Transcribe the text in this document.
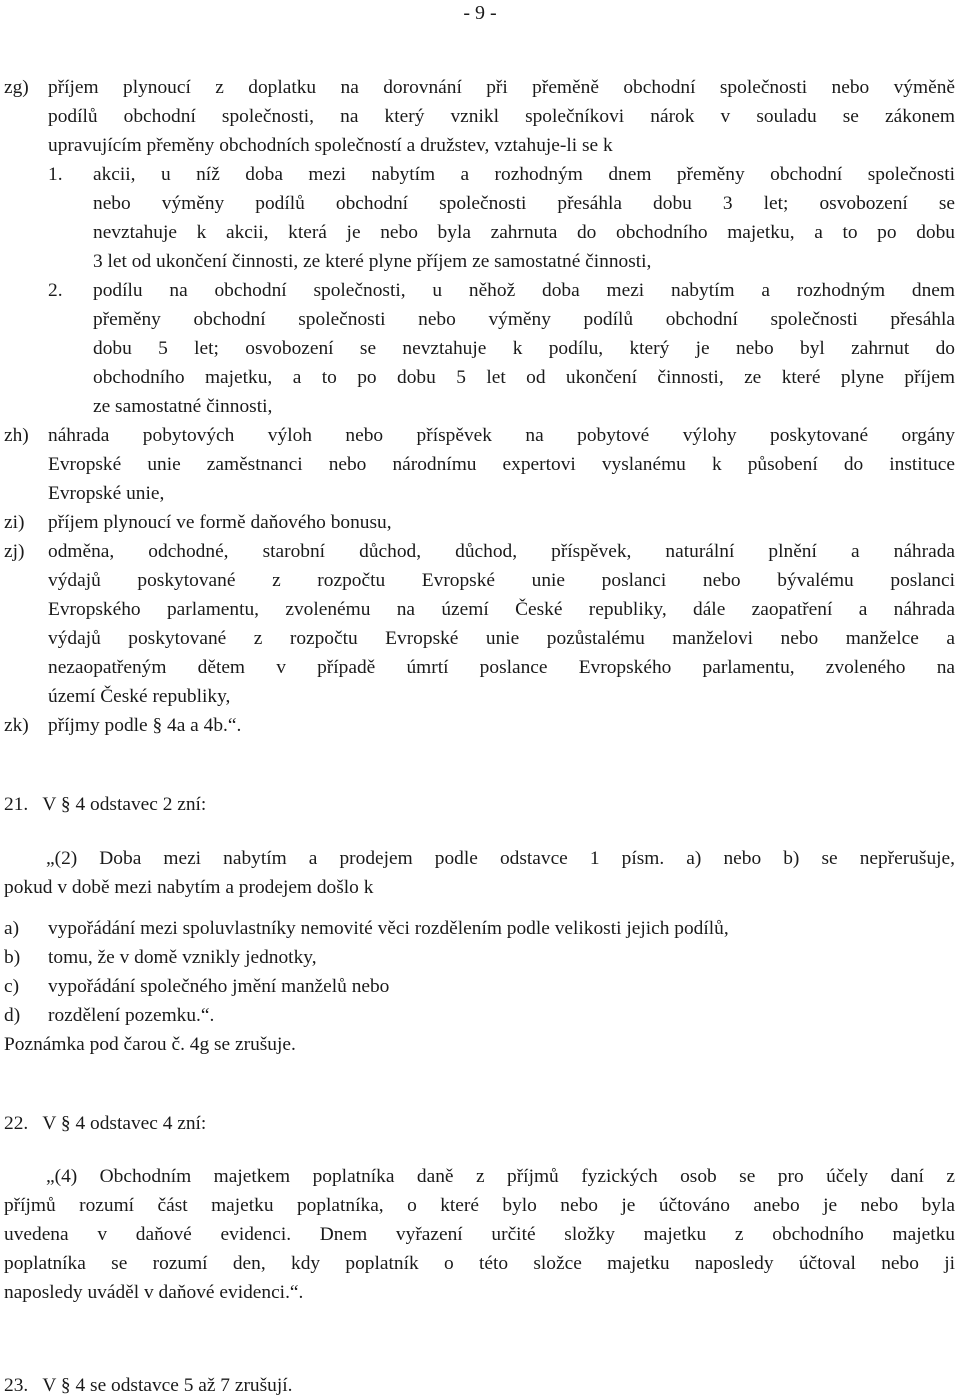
- 9 -
zg) příjem plynoucí z doplatku na dorovnání při přeměně obchodní společnosti nebo výměně
podílů obchodní společnosti, na který vznikl společníkovi nárok v souladu se zákonem
upravujícím přeměny obchodních společností a družstev, vztahuje-li se k
1. akcii, u níž doba mezi nabytím a rozhodným dnem přeměny obchodní společnosti
nebo výměny podílů obchodní společnosti přesáhla dobu 3 let; osvobození se
nevztahuje k akcii, která je nebo byla zahrnuta do obchodního majetku, a to po dobu
3 let od ukončení činnosti, ze které plyne příjem ze samostatné činnosti,
2. podílu na obchodní společnosti, u něhož doba mezi nabytím a rozhodným dnem
přeměny obchodní společnosti nebo výměny podílů obchodní společnosti přesáhla
dobu 5 let; osvobození se nevztahuje k podílu, který je nebo byl zahrnut do
obchodního majetku, a to po dobu 5 let od ukončení činnosti, ze které plyne příjem
ze samostatné činnosti,
zh) náhrada pobytových výloh nebo příspěvek na pobytové výlohy poskytované orgány
Evropské unie zaměstnanci nebo národnímu expertovi vyslanému k působení do instituce
Evropské unie,
zi) příjem plynoucí ve formě daňového bonusu,
zj) odměna, odchodné, starobní důchod, důchod, příspěvek, naturální plnění a náhrada
výdajů poskytované z rozpočtu Evropské unie poslanci nebo bývalému poslanci
Evropského parlamentu, zvolenému na území České republiky, dále zaopatření a náhrada
výdajů poskytované z rozpočtu Evropské unie pozůstalému manželovi nebo manželce a
nezaopatřeným dětem v případě úmrtí poslance Evropského parlamentu, zvoleného na
území České republiky,
zk) příjmy podle § 4a a 4b.“.
21.   V § 4 odstavec 2 zní:
„(2) Doba mezi nabytím a prodejem podle odstavce 1 písm. a) nebo b) se nepřerušuje,
pokud v době mezi nabytím a prodejem došlo k
a) vypořádání mezi spoluvlastníky nemovité věci rozdělením podle velikosti jejich podílů,
b) tomu, že v domě vznikly jednotky,
c) vypořádání společného jmění manželů nebo
d) rozdělení pozemku.“.
Poznámka pod čarou č. 4g se zrušuje.
22.   V § 4 odstavec 4 zní:
„(4) Obchodním majetkem poplatníka daně z příjmů fyzických osob se pro účely daní z
příjmů rozumí část majetku poplatníka, o které bylo nebo je účtováno anebo je nebo byla
uvedena v daňové evidenci. Dnem vyřazení určité složky majetku z obchodního majetku
poplatníka se rozumí den, kdy poplatník o této složce majetku naposledy účtoval nebo ji
naposledy uváděl v daňové evidenci.“.
23.   V § 4 se odstavce 5 až 7 zrušují.
